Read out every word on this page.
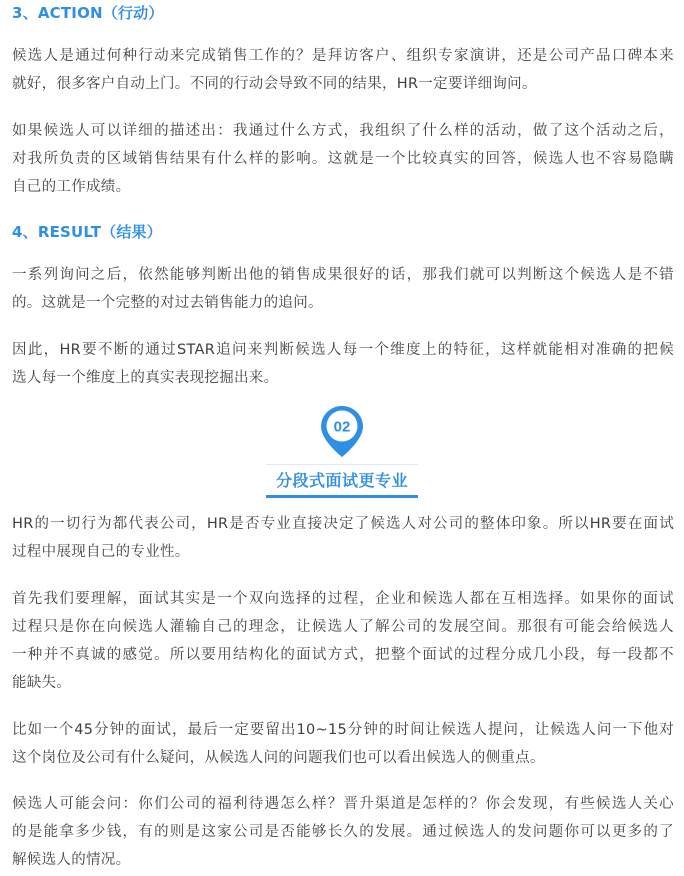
3、ACTION（行动）
候选人是通过何种行动来完成销售工作的？是拜访客户、组织专家演讲，还是公司产品口碑本来
就好，很多客户自动上门。不同的行动会导致不同的结果，HR一定要详细询问。
如果候选人可以详细的描述出：我通过什么方式，我组织了什么样的活动，做了这个活动之后，
对我所负责的区域销售结果有什么样的影响。这就是一个比较真实的回答，候选人也不容易隐瞒
自己的工作成绩。
4、RESULT（结果）
一系列询问之后，依然能够判断出他的销售成果很好的话，那我们就可以判断这个候选人是不错
的。这就是一个完整的对过去销售能力的追问。
因此，HR要不断的通过STAR追问来判断候选人每一个维度上的特征，这样就能相对准确的把候
选人每一个维度上的真实表现挖掘出来。
02
分段式面试更专业
HR的一切行为都代表公司，HR是否专业直接决定了候选人对公司的整体印象。所以HR要在面试
过程中展现自己的专业性。
首先我们要理解，面试其实是一个双向选择的过程，企业和候选人都在互相选择。如果你的面试
过程只是你在向候选人灌输自己的理念，让候选人了解公司的发展空间。那很有可能会给候选人
一种并不真诚的感觉。所以要用结构化的面试方式，把整个面试的过程分成几小段，每一段都不
能缺失。
比如一个45分钟的面试，最后一定要留出10~15分钟的时间让候选人提问，让候选人问一下他对
这个岗位及公司有什么疑问，从候选人问的问题我们也可以看出候选人的侧重点。
候选人可能会问：你们公司的福利待遇怎么样？晋升渠道是怎样的？你会发现，有些候选人关心
的是能拿多少钱，有的则是这家公司是否能够长久的发展。通过候选人的发问题你可以更多的了
解候选人的情况。
